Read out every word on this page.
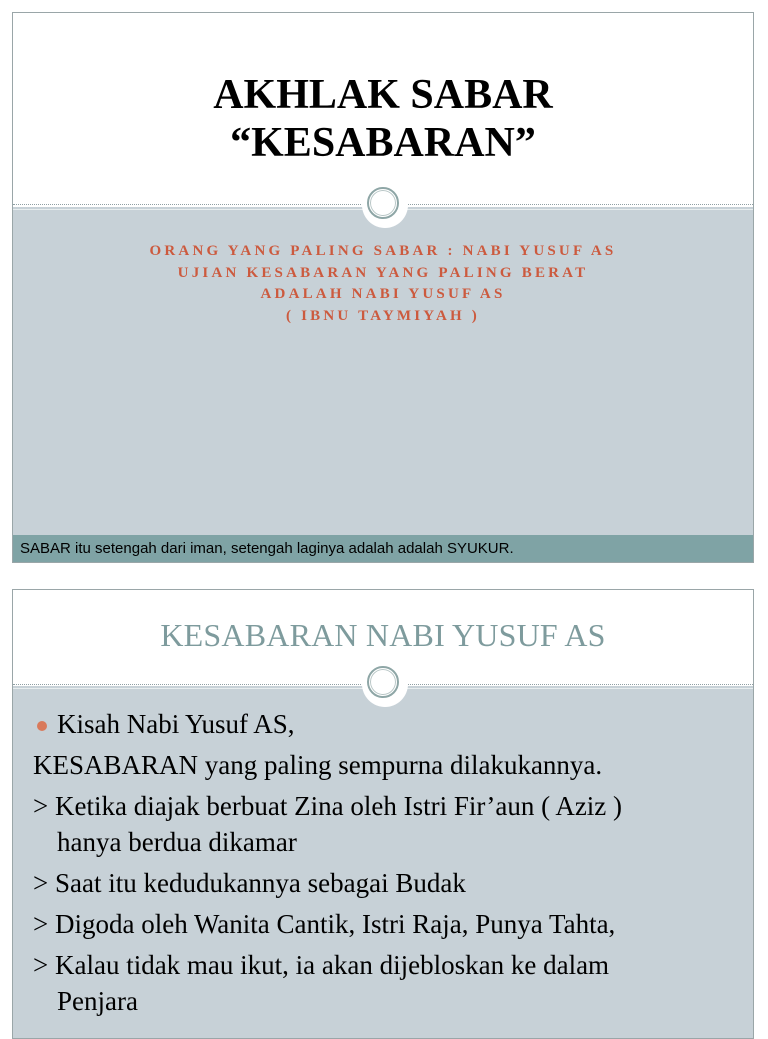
AKHLAK SABAR
“KESABARAN”
ORANG YANG PALING SABAR : NABI YUSUF AS
UJIAN KESABARAN YANG PALING BERAT
ADALAH NABI YUSUF AS
( IBNU TAYMIYAH )
SABAR itu setengah dari iman, setengah laginya adalah adalah SYUKUR.
KESABARAN NABI YUSUF AS

Kisah Nabi Yusuf AS,

KESABARAN yang paling sempurna dilakukannya.

> Ketika diajak berbuat Zina oleh Istri Fir’aun ( Aziz )
hanya berdua dikamar

> Saat itu kedudukannya sebagai Budak

> Digoda oleh Wanita Cantik, Istri Raja, Punya Tahta,

> Kalau tidak mau ikut, ia akan dijebloskan ke dalam
Penjara
